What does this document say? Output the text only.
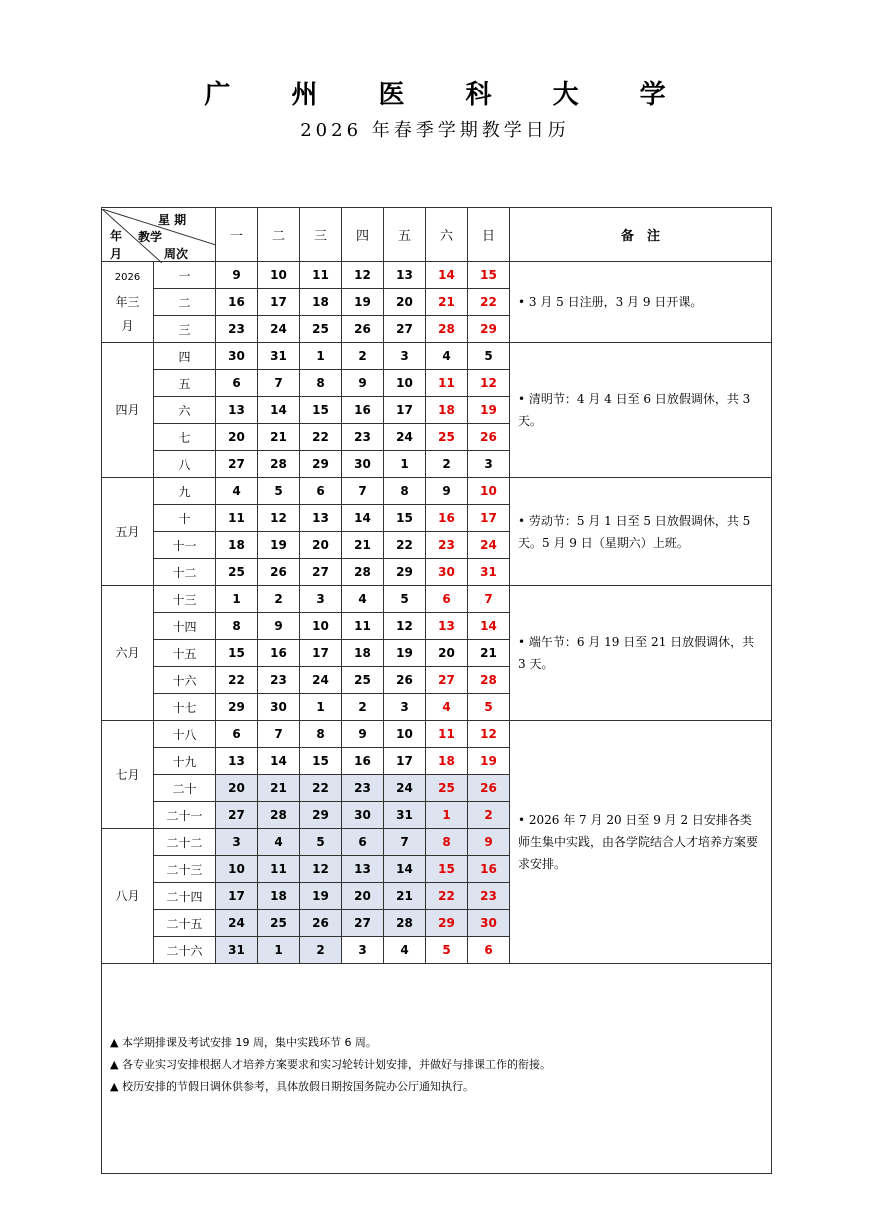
广 州 医 科 大 学
2026 年春季学期教学日历
星 期
教学
年
月 周次		一	二	三	四	五	六	日	备　注

2026
年三
月	一	9	10	11	12	13	14	15	• 3 月 5 日注册，3 月 9 日开课。
	二	16	17	18	19	20	21	22	
	三	23	24	25	26	27	28	29	

四月	四	30	31	1	2	3	4	5	• 清明节：4 月 4 日至 6 日放假调休，共 3 天。
	五	6	7	8	9	10	11	12	
	六	13	14	15	16	17	18	19	
	七	20	21	22	23	24	25	26	
	八	27	28	29	30	1	2	3	

五月	九	4	5	6	7	8	9	10	• 劳动节：5 月 1 日至 5 日放假调休，共 5 天。5 月 9 日（星期六）上班。
	十	11	12	13	14	15	16	17	
	十一	18	19	20	21	22	23	24	
	十二	25	26	27	28	29	30	31	

六月	十三	1	2	3	4	5	6	7	• 端午节：6 月 19 日至 21 日放假调休，共 3 天。
	十四	8	9	10	11	12	13	14	
	十五	15	16	17	18	19	20	21	
	十六	22	23	24	25	26	27	28	
	十七	29	30	1	2	3	4	5	

七月	十八	6	7	8	9	10	11	12	• 2026 年 7 月 20 日至 9 月 2 日安排各类师生集中实践，由各学院结合人才培养方案要求安排。
	十九	13	14	15	16	17	18	19	
	二十	20	21	22	23	24	25	26	
	二十一	27	28	29	30	31	1	2	

八月	二十二	3	4	5	6	7	8	9	
	二十三	10	11	12	13	14	15	16	
	二十四	17	18	19	20	21	22	23	
	二十五	24	25	26	27	28	29	30	
	二十六	31	1	2	3	4	5	6	

▲ 本学期排课及考试安排 19 周，集中实践环节 6 周。
▲ 各专业实习安排根据人才培养方案要求和实习轮转计划安排，并做好与排课工作的衔接。
▲ 校历安排的节假日调休供参考，具体放假日期按国务院办公厅通知执行。									
